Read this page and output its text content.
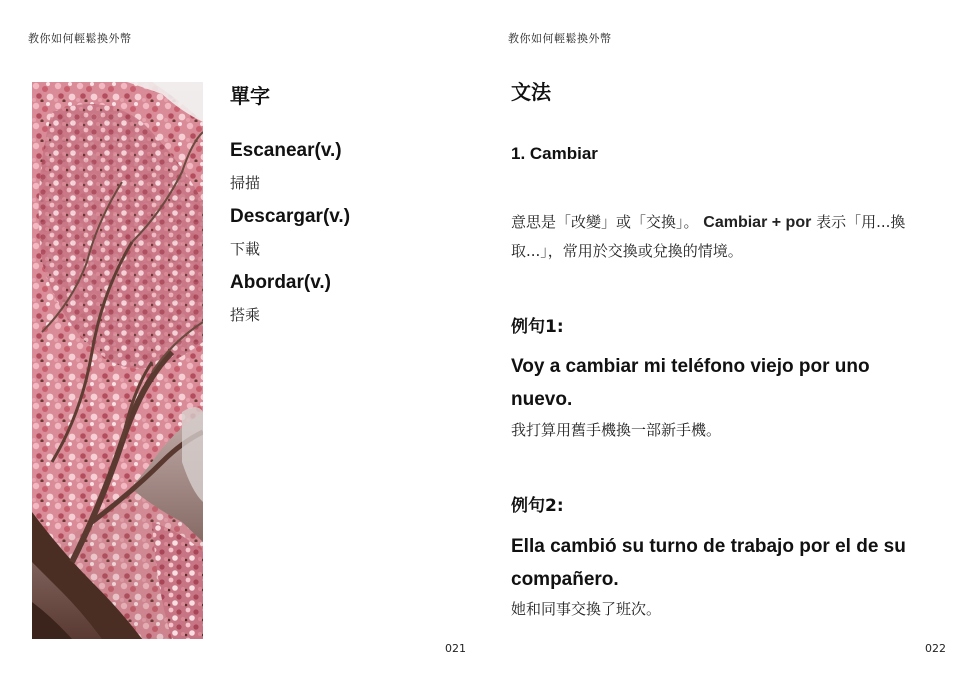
教你如何輕鬆換外幣
單字
Escanear(v.)
掃描
Descargar(v.)
下載
Abordar(v.)
搭乘
021
教你如何輕鬆換外幣
文法
1. Cambiar
意思是「改變」或「交換」。 Cambiar + por 表示「用...換取...」，常用於交換或兌換的情境。
例句1:
Voy a cambiar mi teléfono viejo por uno nuevo.
我打算用舊手機換一部新手機。
例句2:
Ella cambió su turno de trabajo por el de su compañero.
她和同事交換了班次。
022
